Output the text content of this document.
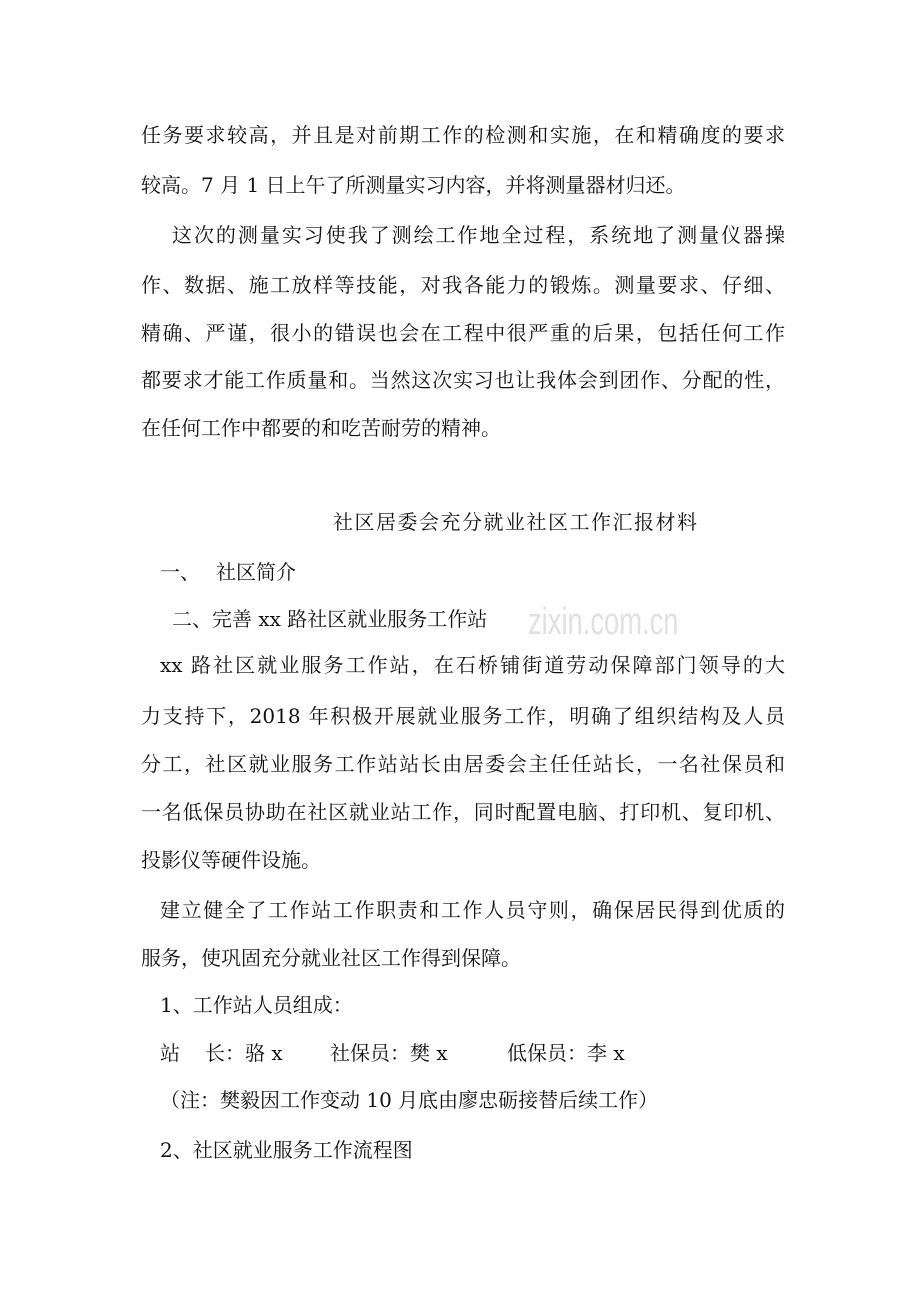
zixin.com.cn
任务要求较高，并且是对前期工作的检测和实施，在和精确度的要求
较高。7 月 1 日上午了所测量实习内容，并将测量器材归还。
这次的测量实习使我了测绘工作地全过程，系统地了测量仪器操
作、数据、施工放样等技能，对我各能力的锻炼。测量要求、仔细、
精确、严谨，很小的错误也会在工程中很严重的后果，包括任何工作
都要求才能工作质量和。当然这次实习也让我体会到团作、分配的性，
在任何工作中都要的和吃苦耐劳的精神。
社区居委会充分就业社区工作汇报材料
一、 社区简介
二、完善 xx 路社区就业服务工作站
xx 路社区就业服务工作站，在石桥铺街道劳动保障部门领导的大
力支持下，2018 年积极开展就业服务工作，明确了组织结构及人员
分工，社区就业服务工作站站长由居委会主任任站长，一名社保员和
一名低保员协助在社区就业站工作，同时配置电脑、打印机、复印机、
投影仪等硬件设施。
建立健全了工作站工作职责和工作人员守则，确保居民得到优质的
服务，使巩固充分就业社区工作得到保障。
1、工作站人员组成：
站 长：骆 x 社保员：樊 x	低保员：李 x
（注：樊毅因工作变动 10 月底由廖忠砺接替后续工作）
2、社区就业服务工作流程图
